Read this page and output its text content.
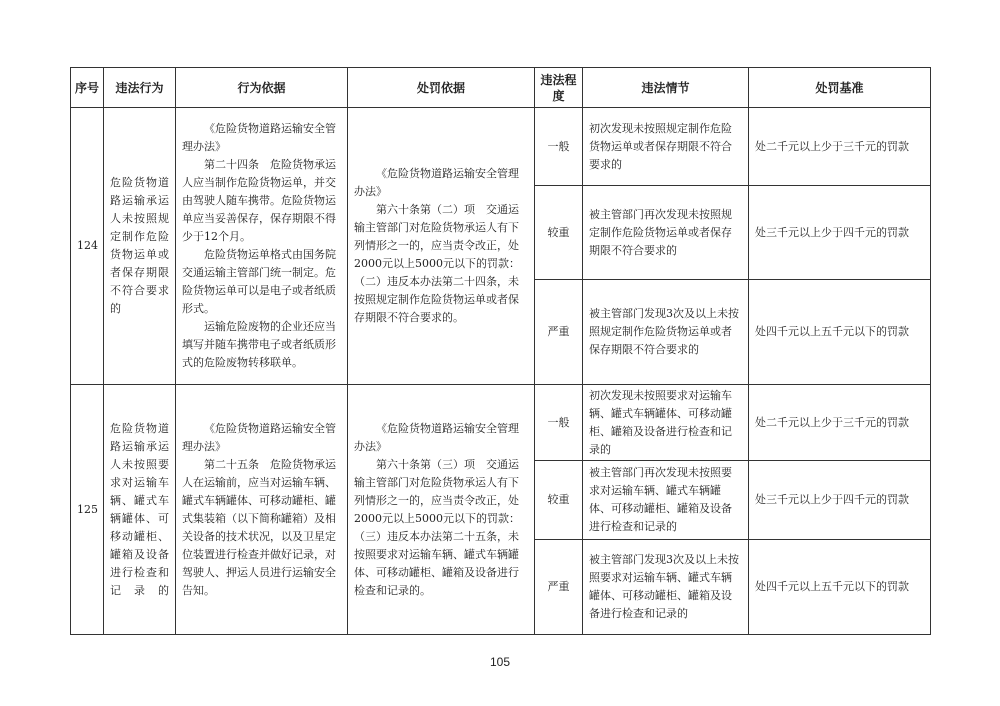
序号	违法行为	行为依据	处罚依据	违法程度	违法情节	处罚基准
124	危险货物道路运输承运人未按照规定制作危险货物运单或者保存期限不符合要求的	《危险货物道路运输安全管理办法》
第二十四条　危险货物承运人应当制作危险货物运单，并交由驾驶人随车携带。危险货物运单应当妥善保存，保存期限不得少于12个月。
危险货物运单格式由国务院交通运输主管部门统一制定。危险货物运单可以是电子或者纸质形式。
运输危险废物的企业还应当填写并随车携带电子或者纸质形式的危险废物转移联单。	《危险货物道路运输安全管理办法》
第六十条第（二）项　交通运输主管部门对危险货物承运人有下列情形之一的，应当责令改正，处2000元以上5000元以下的罚款：（二）违反本办法第二十四条，未按照规定制作危险货物运单或者保存期限不符合要求的。	一般	初次发现未按照规定制作危险货物运单或者保存期限不符合要求的	处二千元以上少于三千元的罚款
				较重	被主管部门再次发现未按照规定制作危险货物运单或者保存期限不符合要求的	处三千元以上少于四千元的罚款
				严重	被主管部门发现3次及以上未按照规定制作危险货物运单或者保存期限不符合要求的	处四千元以上五千元以下的罚款
125	危险货物道路运输承运人未按照要求对运输车辆、罐式车辆罐体、可移动罐柜、罐箱及设备进行检查和记录的	《危险货物道路运输安全管理办法》
第二十五条　危险货物承运人在运输前，应当对运输车辆、罐式车辆罐体、可移动罐柜、罐式集装箱（以下简称罐箱）及相关设备的技术状况，以及卫星定位装置进行检查并做好记录，对驾驶人、押运人员进行运输安全告知。	《危险货物道路运输安全管理办法》
第六十条第（三）项　交通运输主管部门对危险货物承运人有下列情形之一的，应当责令改正，处2000元以上5000元以下的罚款：（三）违反本办法第二十五条，未按照要求对运输车辆、罐式车辆罐体、可移动罐柜、罐箱及设备进行检查和记录的。	一般	初次发现未按照要求对运输车辆、罐式车辆罐体、可移动罐柜、罐箱及设备进行检查和记录的	处二千元以上少于三千元的罚款
				较重	被主管部门再次发现未按照要求对运输车辆、罐式车辆罐体、可移动罐柜、罐箱及设备进行检查和记录的	处三千元以上少于四千元的罚款
				严重	被主管部门发现3次及以上未按照要求对运输车辆、罐式车辆罐体、可移动罐柜、罐箱及设备进行检查和记录的	处四千元以上五千元以下的罚款
105
